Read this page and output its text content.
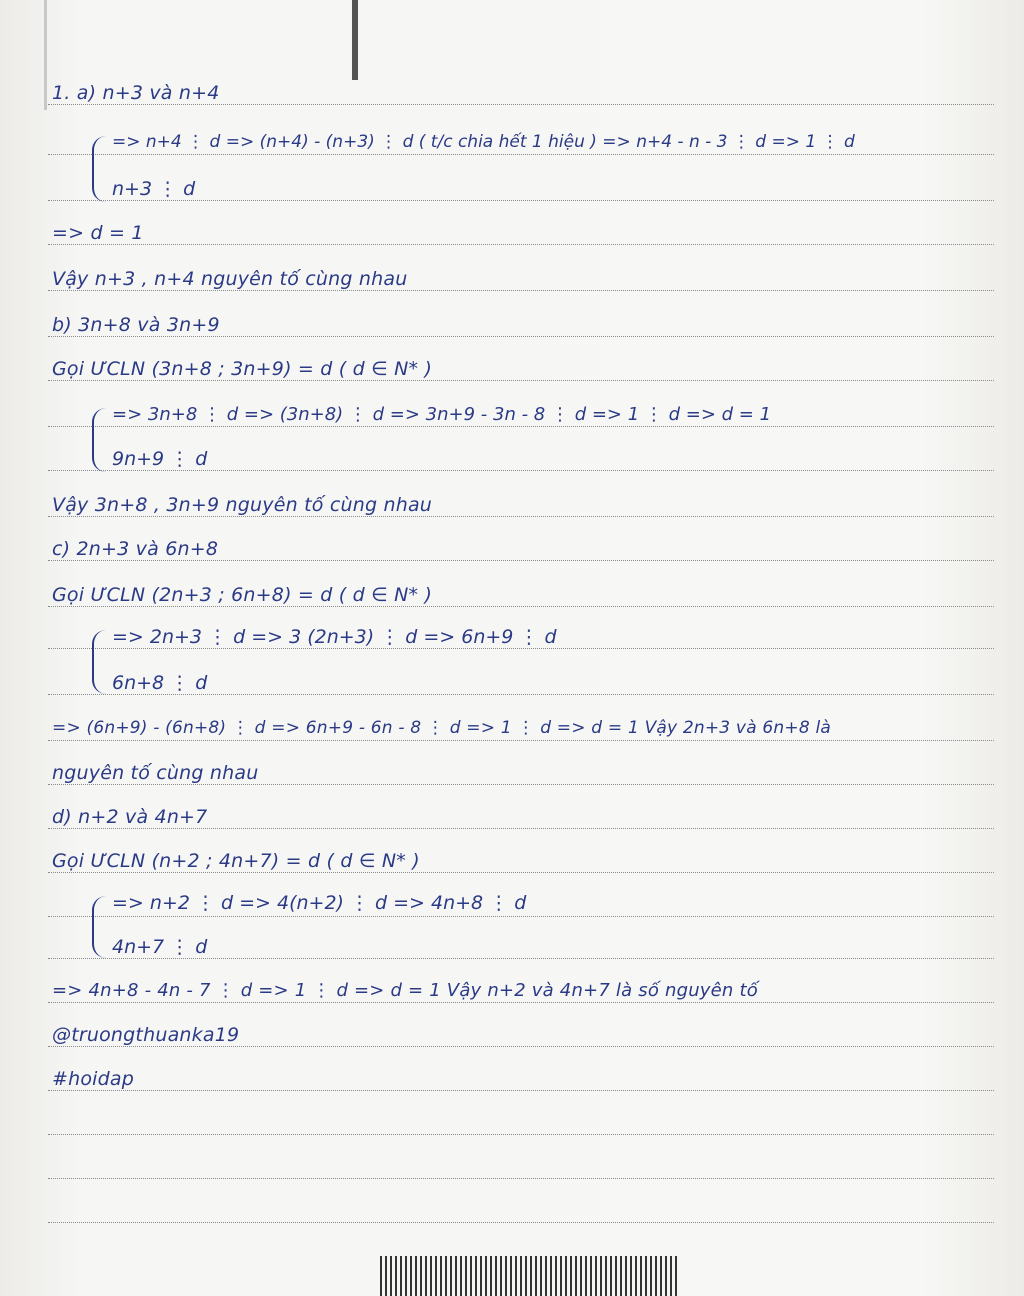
1. a) n+3 và n+4
=> n+4 ⋮ d => (n+4) - (n+3) ⋮ d ( t/c chia hết 1 hiệu ) => n+4 - n - 3 ⋮ d => 1 ⋮ d
n+3 ⋮ d
=> d = 1
Vậy n+3 , n+4 nguyên tố cùng nhau
b) 3n+8 và 3n+9
Gọi ƯCLN (3n+8 ; 3n+9) = d ( d ∈ N* )
=> 3n+8 ⋮ d => (3n+8) ⋮ d => 3n+9 - 3n - 8 ⋮ d => 1 ⋮ d => d = 1
9n+9 ⋮ d
Vậy 3n+8 , 3n+9 nguyên tố cùng nhau
c) 2n+3 và 6n+8
Gọi ƯCLN (2n+3 ; 6n+8) = d ( d ∈ N* )
=> 2n+3 ⋮ d => 3 (2n+3) ⋮ d => 6n+9 ⋮ d
6n+8 ⋮ d
=> (6n+9) - (6n+8) ⋮ d => 6n+9 - 6n - 8 ⋮ d => 1 ⋮ d => d = 1 Vậy 2n+3 và 6n+8 là
nguyên tố cùng nhau
d) n+2 và 4n+7
Gọi ƯCLN (n+2 ; 4n+7) = d ( d ∈ N* )
=> n+2 ⋮ d => 4(n+2) ⋮ d => 4n+8 ⋮ d
4n+7 ⋮ d
=> 4n+8 - 4n - 7 ⋮ d => 1 ⋮ d => d = 1 Vậy n+2 và 4n+7 là số nguyên tố
@truongthuanka19
#hoidap
